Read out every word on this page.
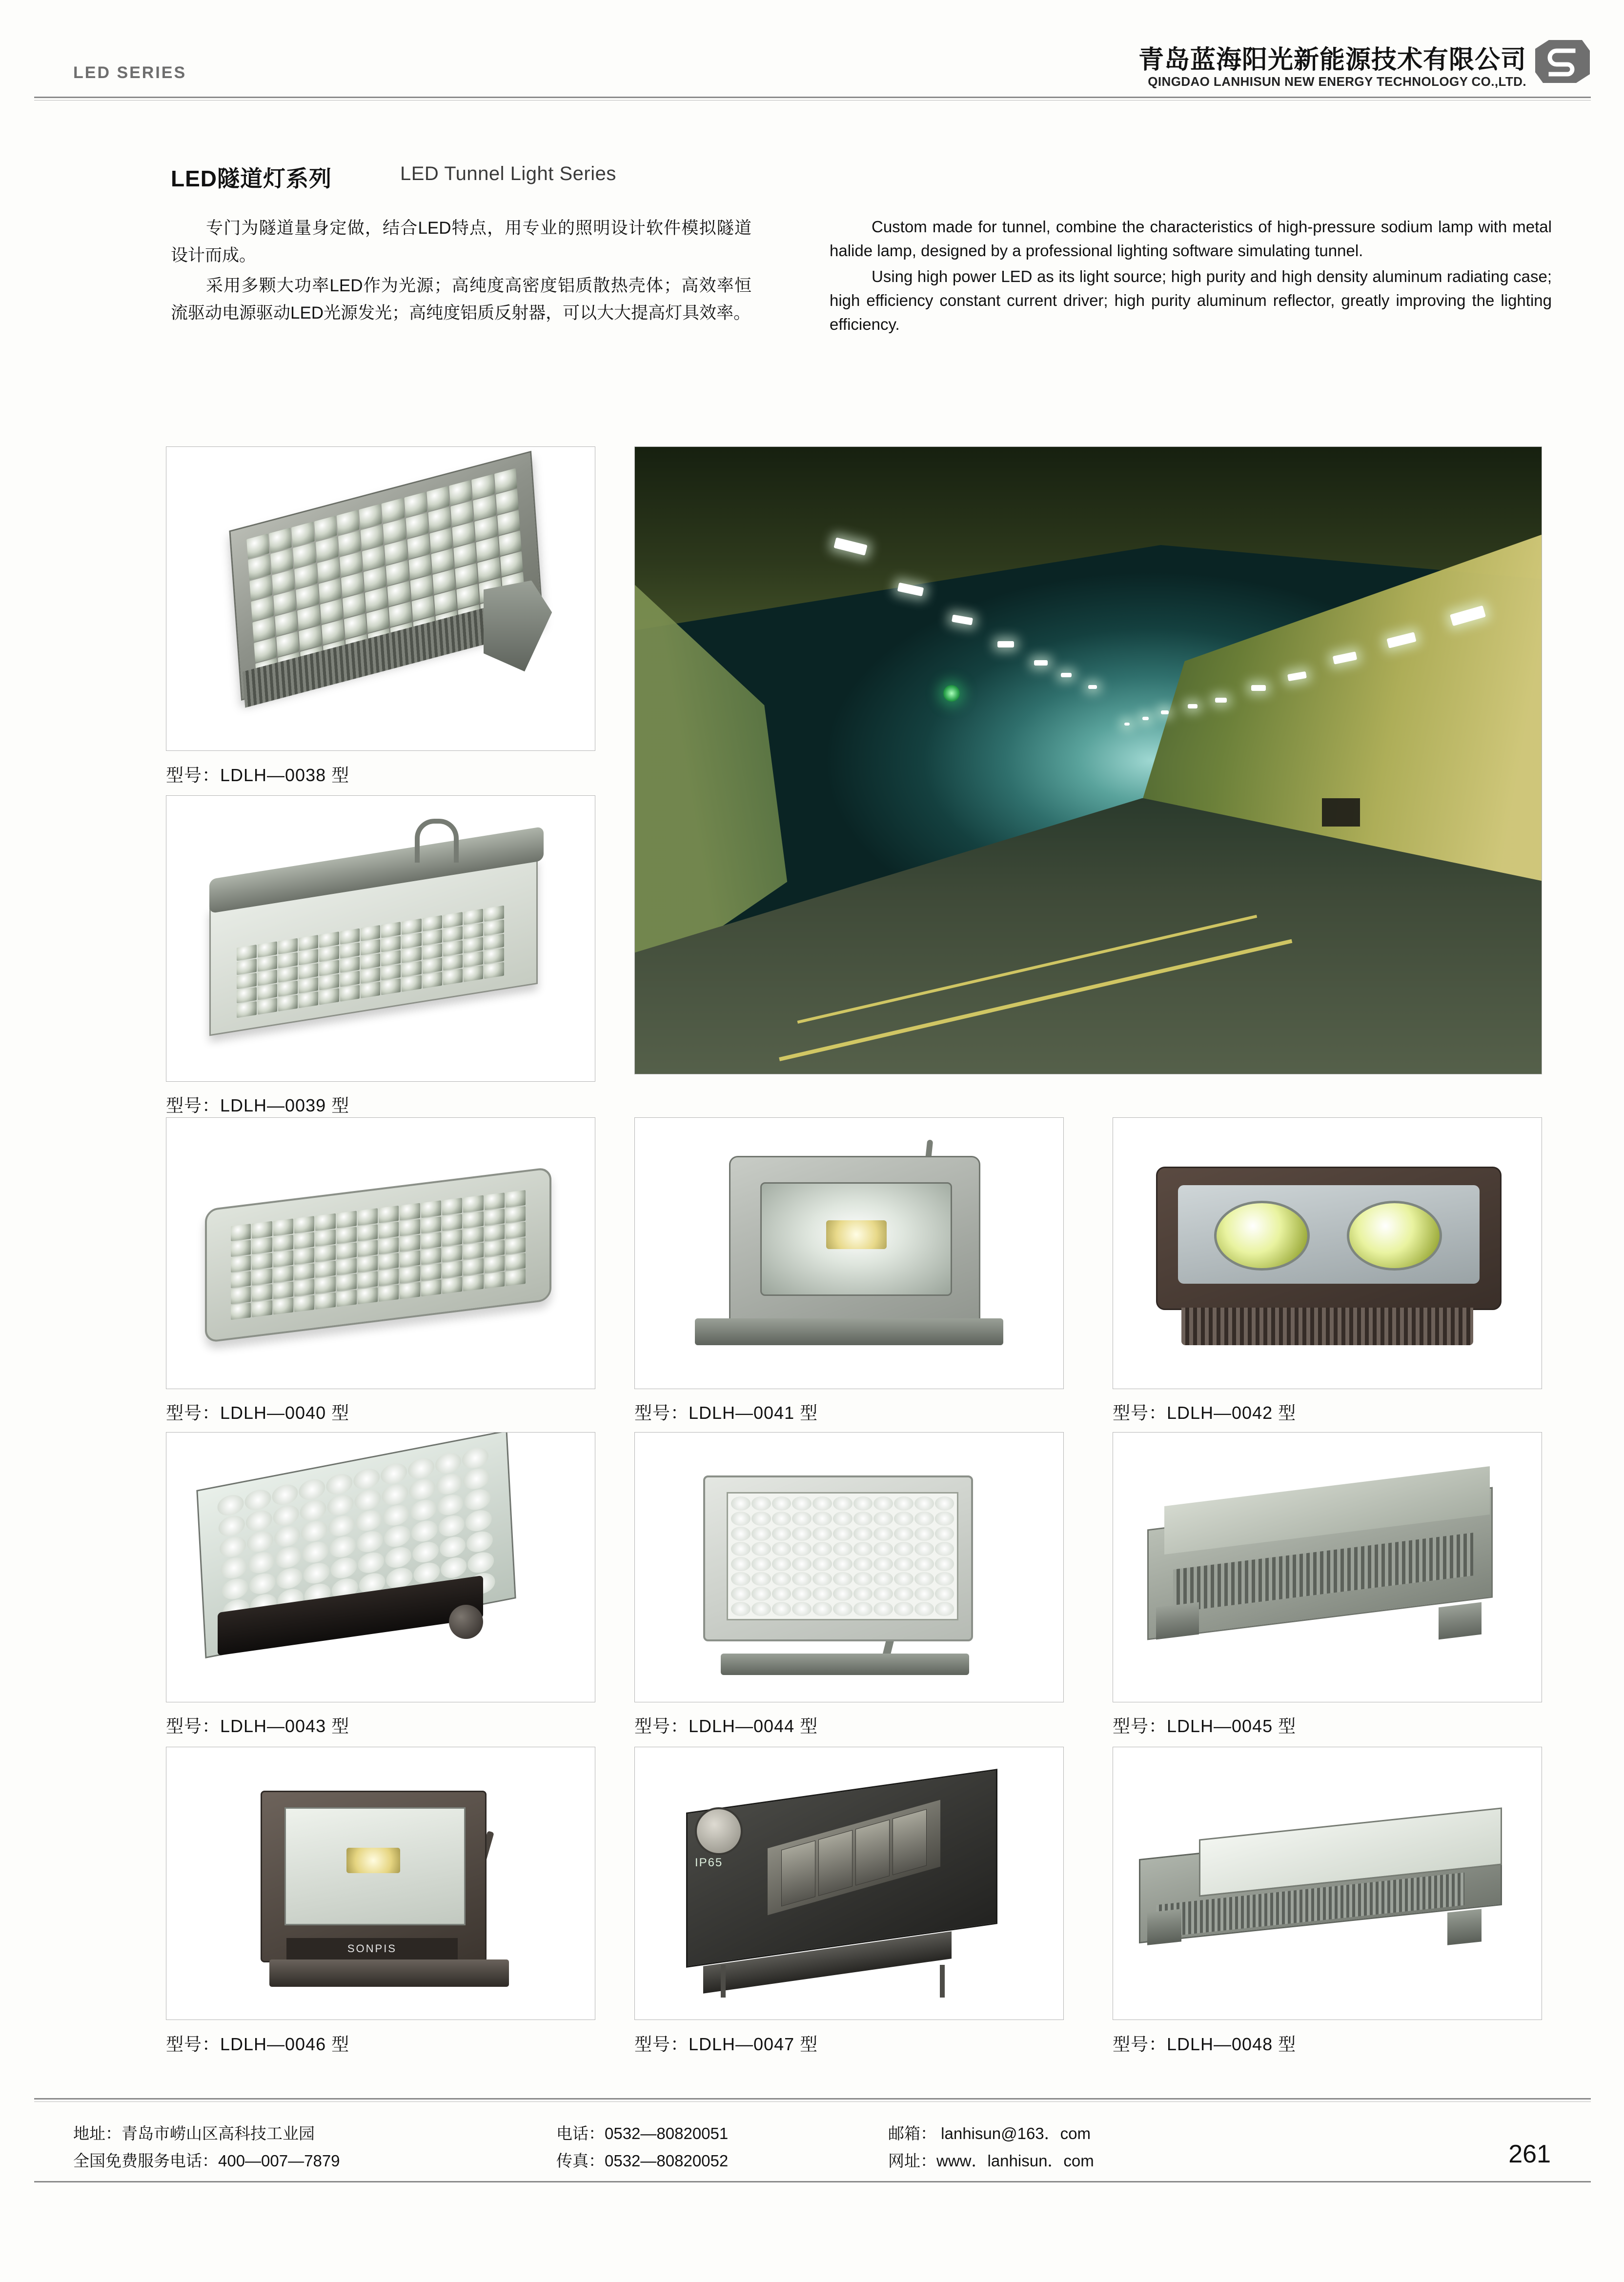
LED SERIES	青岛蓝海阳光新能源技术有限公司
QINGDAO LANHISUN NEW ENERGY TECHNOLOGY CO.,LTD.
LED隧道灯系列	LED Tunnel Light Series

专门为隧道量身定做，结合LED特点，用专业的照明设计软件模拟隧道设计而成。

采用多颗大功率LED作为光源；高纯度高密度铝质散热壳体；高效率恒流驱动电源驱动LED光源发光；高纯度铝质反射器，可以大大提高灯具效率。

Custom made for tunnel, combine the characteristics of high-pressure sodium lamp with metal halide lamp, designed by a professional lighting software simulating tunnel.

Using high power LED as its light source; high purity and high density aluminum radiating case; high efficiency constant current driver; high purity aluminum reflector, greatly improving the lighting efficiency.

型号：LDLH—0038 型
型号：LDLH—0039 型
型号：LDLH—0040 型	型号：LDLH—0041 型	型号：LDLH—0042 型
型号：LDLH—0043 型	型号：LDLH—0044 型	型号：LDLH—0045 型
SONPIS
型号：LDLH—0046 型
IP65
型号：LDLH—0047 型	型号：LDLH—0048 型
地址：青岛市崂山区高科技工业园
全国免费服务电话：400—007—7879
电话：0532—80820051
传真：0532—80820052
邮箱： lanhisun@163．com
网址：www．lanhisun．com	261
